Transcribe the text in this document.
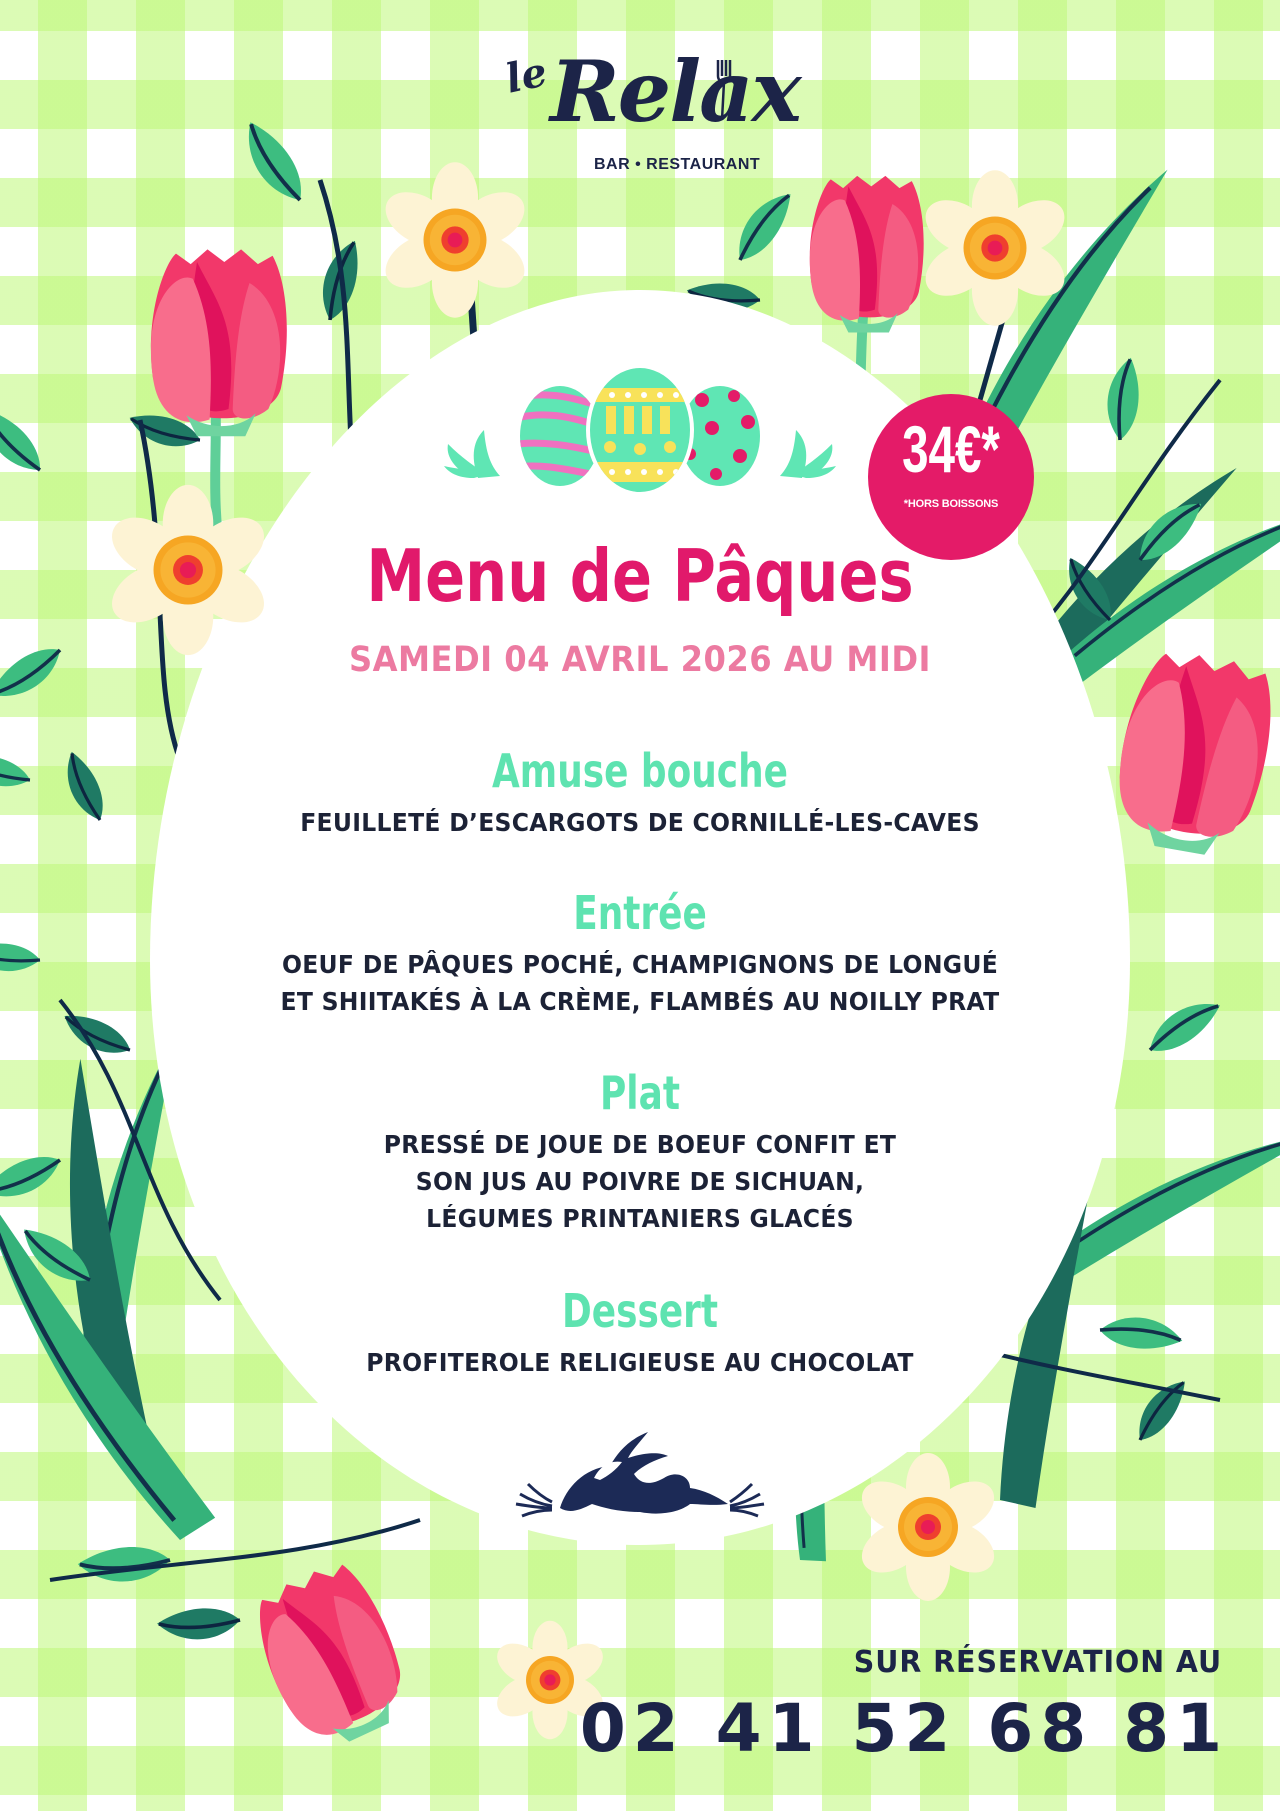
le
Relax
BAR • RESTAURANT
34€*
*HORS BOISSONS
Menu de Pâques
SAMEDI 04 AVRIL 2026 AU MIDI
Amuse bouche
FEUILLETÉ D’ESCARGOTS DE CORNILLÉ-LES-CAVES
Entrée
OEUF DE PÂQUES POCHÉ, CHAMPIGNONS DE LONGUÉ
ET SHIITAKÉS À LA CRÈME, FLAMBÉS AU NOILLY PRAT
Plat
PRESSÉ DE JOUE DE BOEUF CONFIT ET
SON JUS AU POIVRE DE SICHUAN,
LÉGUMES PRINTANIERS GLACÉS
Dessert
PROFITEROLE RELIGIEUSE AU CHOCOLAT
SUR RÉSERVATION AU
02 41 52 68 81
